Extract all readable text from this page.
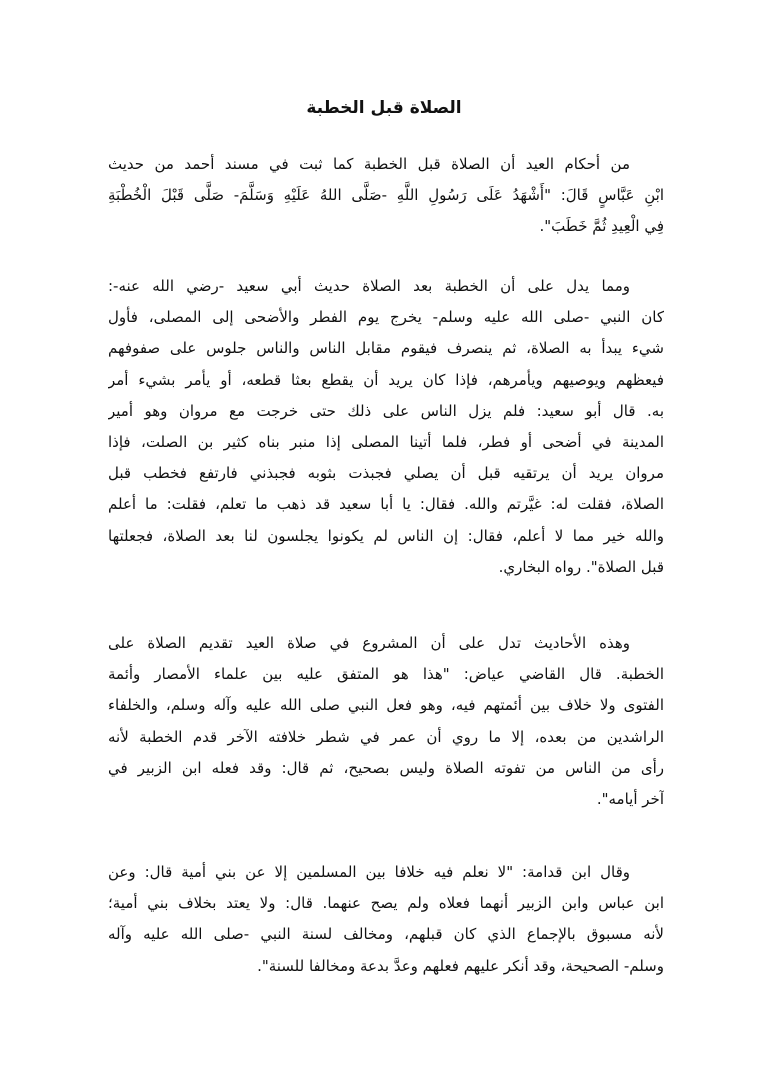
الصلاة قبل الخطبة
من أحكام العيد أن الصلاة قبل الخطبة كما ثبت في مسند أحمد من حديث
ابْنِ عَبَّاسٍ قَالَ: "أَشْهَدُ عَلَى رَسُولِ اللَّهِ -صَلَّى اللهُ عَلَيْهِ وَسَلَّمَ- صَلَّى قَبْلَ الْخُطْبَةِ
فِي الْعِيدِ ثُمَّ خَطَبَ".
ومما يدل على أن الخطبة بعد الصلاة حديث أبي سعيد -رضي الله عنه-:
كان النبي -صلى الله عليه وسلم- يخرج يوم الفطر والأضحى إلى المصلى، فأول
شيء يبدأ به الصلاة، ثم ينصرف فيقوم مقابل الناس والناس جلوس على صفوفهم
فيعظهم ويوصيهم ويأمرهم، فإذا كان يريد أن يقطع بعثا قطعه، أو يأمر بشيء أمر
به. قال أبو سعيد: فلم يزل الناس على ذلك حتى خرجت مع مروان وهو أمير
المدينة في أضحى أو فطر، فلما أتينا المصلى إذا منبر بناه كثير بن الصلت، فإذا
مروان يريد أن يرتقيه قبل أن يصلي فجبذت بثوبه فجبذني فارتفع فخطب قبل
الصلاة، فقلت له: غيَّرتم والله. فقال: يا أبا سعيد قد ذهب ما تعلم، فقلت: ما أعلم
والله خير مما لا أعلم، فقال: إن الناس لم يكونوا يجلسون لنا بعد الصلاة، فجعلتها
قبل الصلاة". رواه البخاري.
وهذه الأحاديث تدل على أن المشروع في صلاة العيد تقديم الصلاة على
الخطبة. قال القاضي عياض: "هذا هو المتفق عليه بين علماء الأمصار وأئمة
الفتوى ولا خلاف بين أئمتهم فيه، وهو فعل النبي صلى الله عليه وآله وسلم، والخلفاء
الراشدين من بعده، إلا ما روي أن عمر في شطر خلافته الآخر قدم الخطبة لأنه
رأى من الناس من تفوته الصلاة وليس بصحيح، ثم قال: وقد فعله ابن الزبير في
آخر أيامه".
وقال ابن قدامة: "لا نعلم فيه خلافا بين المسلمين إلا عن بني أمية قال: وعن
ابن عباس وابن الزبير أنهما فعلاه ولم يصح عنهما. قال: ولا يعتد بخلاف بني أمية؛
لأنه مسبوق بالإجماع الذي كان قبلهم، ومخالف لسنة النبي -صلى الله عليه وآله
وسلم- الصحيحة، وقد أنكر عليهم فعلهم وعدَّ بدعة ومخالفا للسنة".
